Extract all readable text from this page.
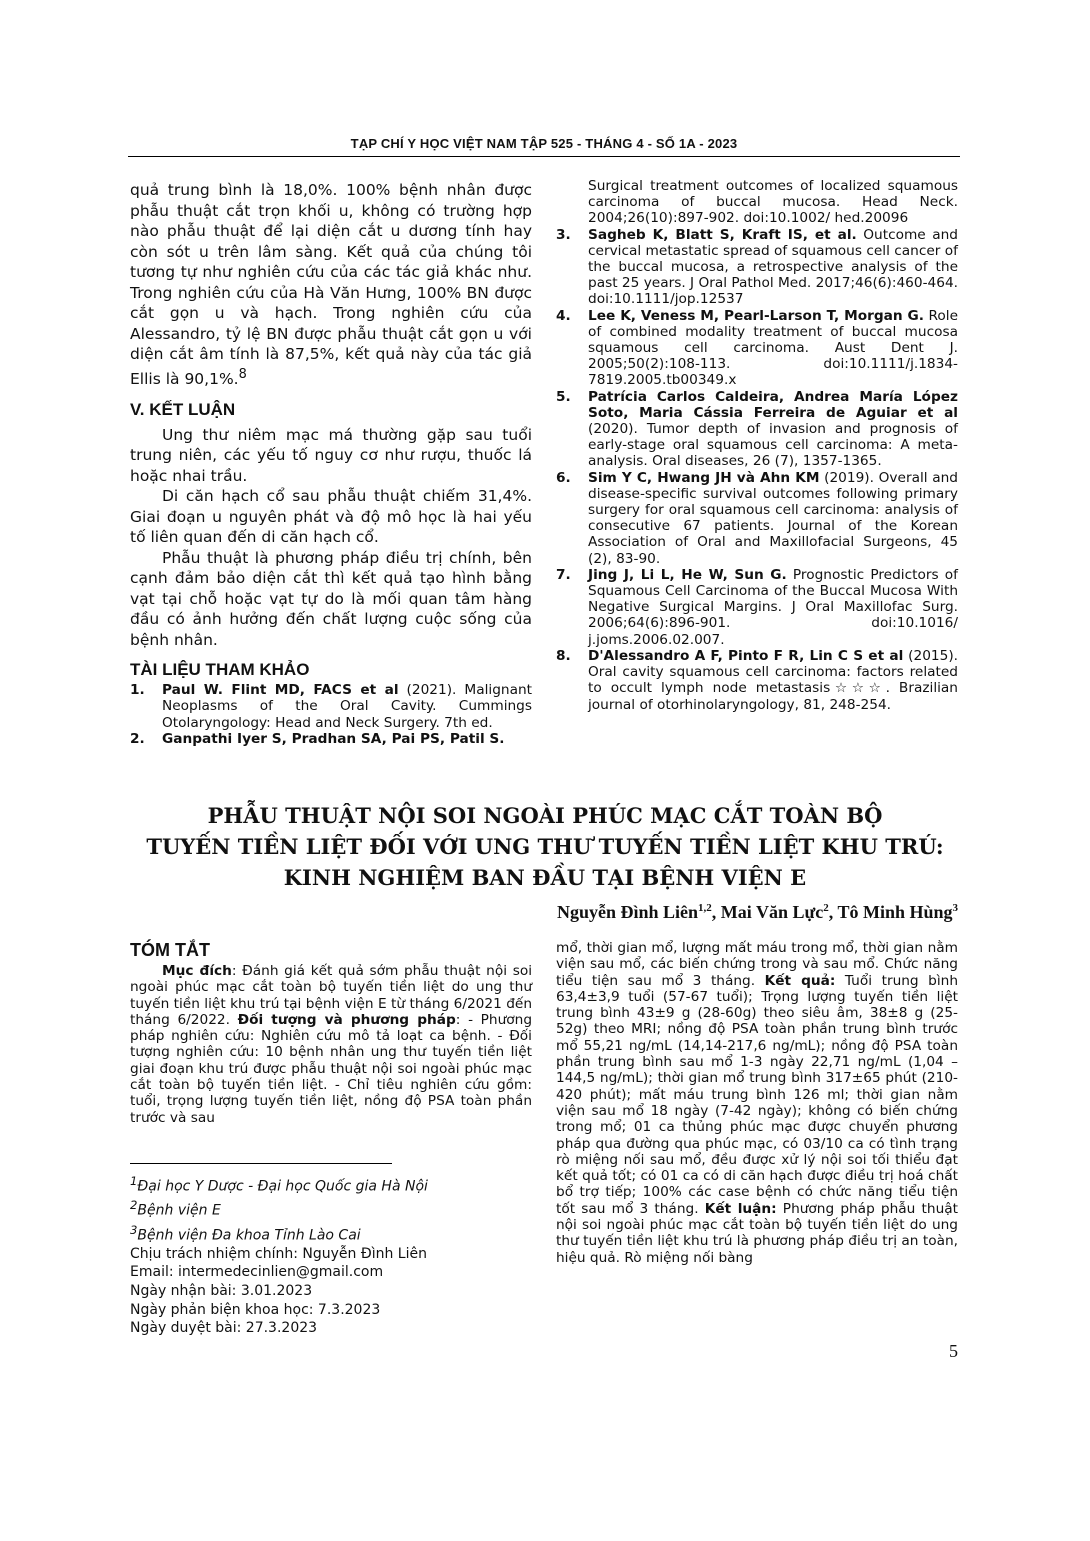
TẠP CHÍ Y HỌC VIỆT NAM TẬP 525 - THÁNG 4 - SỐ 1A - 2023

quả trung bình là 18,0%. 100% bệnh nhân được phẫu thuật cắt trọn khối u, không có trường hợp nào phẫu thuật để lại diện cắt u dương tính hay còn sót u trên lâm sàng. Kết quả của chúng tôi tương tự như nghiên cứu của các tác giả khác như. Trong nghiên cứu của Hà Văn Hưng, 100% BN được cắt gọn u và hạch. Trong nghiên cứu của Alessandro, tỷ lệ BN được phẫu thuật cắt gọn u với diện cắt âm tính là 87,5%, kết quả này của tác giả Ellis là 90,1%.$^8$

V. KẾT LUẬN

Ung thư niêm mạc má thường gặp sau tuổi trung niên, các yếu tố nguy cơ như rượu, thuốc lá hoặc nhai trầu.

Di căn hạch cổ sau phẫu thuật chiếm 31,4%. Giai đoạn u nguyên phát và độ mô học là hai yếu tố liên quan đến di căn hạch cổ.

Phẫu thuật là phương pháp điều trị chính, bên cạnh đảm bảo diện cắt thì kết quả tạo hình bằng vạt tại chỗ hoặc vạt tự do là mối quan tâm hàng đầu có ảnh hưởng đến chất lượng cuộc sống của bệnh nhân.

TÀI LIỆU THAM KHẢO

1.	Paul W. Flint MD, FACS et al (2021). Malignant Neoplasms of the Oral Cavity. Cummings Otolaryngology: Head and Neck Surgery. 7th ed.
2.	Ganpathi Iyer S, Pradhan SA, Pai PS, Patil S.
Surgical treatment outcomes of localized squamous carcinoma of buccal mucosa. Head Neck. 2004;26(10):897-902. doi:10.1002/ hed.20096
3.	Sagheb K, Blatt S, Kraft IS, et al. Outcome and cervical metastatic spread of squamous cell cancer of the buccal mucosa, a retrospective analysis of the past 25 years. J Oral Pathol Med. 2017;46(6):460-464. doi:10.1111/jop.12537
4.	Lee K, Veness M, Pearl-Larson T, Morgan G. Role of combined modality treatment of buccal mucosa squamous cell carcinoma. Aust Dent J. 2005;50(2):108-113. doi:10.1111/j.1834-7819.2005.tb00349.x
5.	Patrícia Carlos Caldeira, Andrea María López Soto, Maria Cássia Ferreira de Aguiar et al (2020). Tumor depth of invasion and prognosis of early-stage oral squamous cell carcinoma: A meta-analysis. Oral diseases, 26 (7), 1357-1365.
6.	Sim Y C, Hwang JH và Ahn KM (2019). Overall and disease-specific survival outcomes following primary surgery for oral squamous cell carcinoma: analysis of consecutive 67 patients. Journal of the Korean Association of Oral and Maxillofacial Surgeons, 45 (2), 83-90.
7.	Jing J, Li L, He W, Sun G. Prognostic Predictors of Squamous Cell Carcinoma of the Buccal Mucosa With Negative Surgical Margins. J Oral Maxillofac Surg. 2006;64(6):896-901. doi:10.1016/ j.joms.2006.02.007.
8.	D'Alessandro A F, Pinto F R, Lin C S et al (2015). Oral cavity squamous cell carcinoma: factors related to occult lymph node metastasis☆☆☆. Brazilian journal of otorhinolaryngology, 81, 248-254.
PHẪU THUẬT NỘI SOI NGOÀI PHÚC MẠC CẮT TOÀN BỘ
TUYẾN TIỀN LIỆT ĐỐI VỚI UNG THƯ TUYẾN TIỀN LIỆT KHU TRÚ:
KINH NGHIỆM BAN ĐẦU TẠI BỆNH VIỆN E
Nguyễn Đình Liên$^{1,2}$, Mai Văn Lực$^2$, Tô Minh Hùng$^3$
TÓM TẮT

Mục đích: Đánh giá kết quả sớm phẫu thuật nội soi ngoài phúc mạc cắt toàn bộ tuyến tiền liệt do ung thư tuyến tiền liệt khu trú tại bệnh viện E từ tháng 6/2021 đến tháng 6/2022. Đối tượng và phương pháp: - Phương pháp nghiên cứu: Nghiên cứu mô tả loạt ca bệnh. - Đối tượng nghiên cứu: 10 bệnh nhân ung thư tuyến tiền liệt giai đoạn khu trú được phẫu thuật nội soi ngoài phúc mạc cắt toàn bộ tuyến tiền liệt. - Chỉ tiêu nghiên cứu gồm: tuổi, trọng lượng tuyến tiền liệt, nồng độ PSA toàn phần trước và sau

mổ, thời gian mổ, lượng mất máu trong mổ, thời gian nằm viện sau mổ, các biến chứng trong và sau mổ. Chức năng tiểu tiện sau mổ 3 tháng. Kết quả: Tuổi trung bình 63,4±3,9 tuổi (57-67 tuổi); Trọng lượng tuyến tiền liệt trung bình 43±9 g (28-60g) theo siêu âm, 38±8 g (25-52g) theo MRI; nồng độ PSA toàn phần trung bình trước mổ 55,21 ng/mL (14,14-217,6 ng/mL); nồng độ PSA toàn phần trung bình sau mổ 1-3 ngày 22,71 ng/mL (1,04 – 144,5 ng/mL); thời gian mổ trung bình 317±65 phút (210-420 phút); mất máu trung bình 126 ml; thời gian nằm viện sau mổ 18 ngày (7-42 ngày); không có biến chứng trong mổ; 01 ca thủng phúc mạc được chuyển phương pháp qua đường qua phúc mạc, có 03/10 ca có tình trạng rò miệng nối sau mổ, đều được xử lý nội soi tối thiểu đạt kết quả tốt; có 01 ca có di căn hạch được điều trị hoá chất bổ trợ tiếp; 100% các case bệnh có chức năng tiểu tiện tốt sau mổ 3 tháng. Kết luận: Phương pháp phẫu thuật nội soi ngoài phúc mạc cắt toàn bộ tuyến tiền liệt do ung thư tuyến tiền liệt khu trú là phương pháp điều trị an toàn, hiệu quả. Rò miệng nối bàng

$^1$Đại học Y Dược - Đại học Quốc gia Hà Nội

$^2$Bệnh viện E

$^3$Bệnh viện Đa khoa Tỉnh Lào Cai

Chịu trách nhiệm chính: Nguyễn Đình Liên

Email: intermedecinlien@gmail.com

Ngày nhận bài: 3.01.2023

Ngày phản biện khoa học: 7.3.2023

Ngày duyệt bài: 27.3.2023

5
